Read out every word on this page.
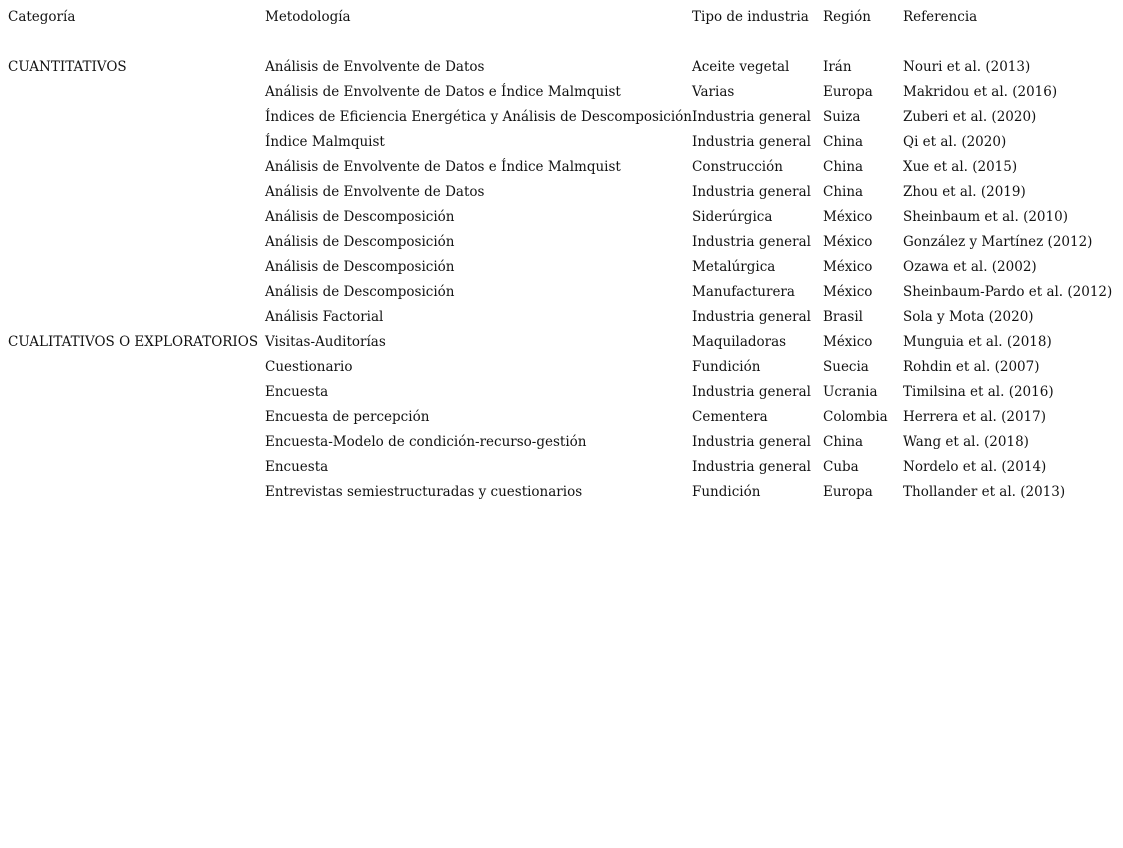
Categoría	Metodología	Tipo de industria	Región	Referencia

CUANTITATIVOS	Análisis de Envolvente de Datos	Aceite vegetal	Irán	Nouri et al. (2013)
	Análisis de Envolvente de Datos e Índice Malmquist	Varias	Europa	Makridou et al. (2016)
	Índices de Eficiencia Energética y Análisis de Descomposición	Industria general	Suiza	Zuberi et al. (2020)
	Índice Malmquist	Industria general	China	Qi et al. (2020)
	Análisis de Envolvente de Datos e Índice Malmquist	Construcción	China	Xue et al. (2015)
	Análisis de Envolvente de Datos	Industria general	China	Zhou et al. (2019)
	Análisis de Descomposición	Siderúrgica	México	Sheinbaum et al. (2010)
	Análisis de Descomposición	Industria general	México	González y Martínez (2012)
	Análisis de Descomposición	Metalúrgica	México	Ozawa et al. (2002)
	Análisis de Descomposición	Manufacturera	México	Sheinbaum-Pardo et al. (2012)
	Análisis Factorial	Industria general	Brasil	Sola y Mota (2020)
CUALITATIVOS O EXPLORATORIOS	Visitas-Auditorías	Maquiladoras	México	Munguia et al. (2018)
	Cuestionario	Fundición	Suecia	Rohdin et al. (2007)
	Encuesta	Industria general	Ucrania	Timilsina et al. (2016)
	Encuesta de percepción	Cementera	Colombia	Herrera et al. (2017)
	Encuesta-Modelo de condición-recurso-gestión	Industria general	China	Wang et al. (2018)
	Encuesta	Industria general	Cuba	Nordelo et al. (2014)
	Entrevistas semiestructuradas y cuestionarios	Fundición	Europa	Thollander et al. (2013)
